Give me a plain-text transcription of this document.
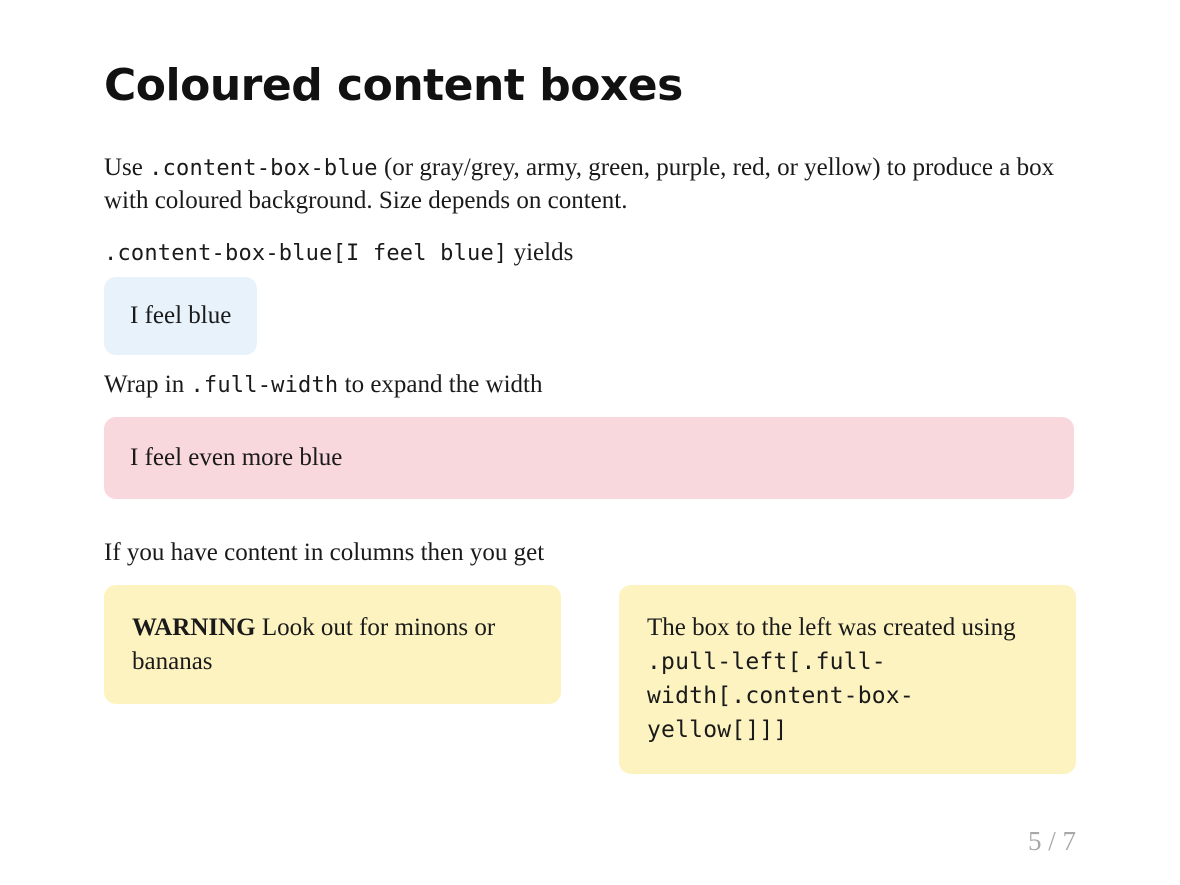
Coloured content boxes

Use .content-box-blue (or gray/grey, army, green, purple, red, or yellow) to produce a box with coloured background. Size depends on content.

.content-box-blue[I feel blue] yields

I feel blue

Wrap in .full-width to expand the width

I feel even more blue

If you have content in columns then you get

WARNING Look out for minons or bananas
The box to the left was created using .pull-left[.full-width[.content-box-yellow[]]]
5 / 7
